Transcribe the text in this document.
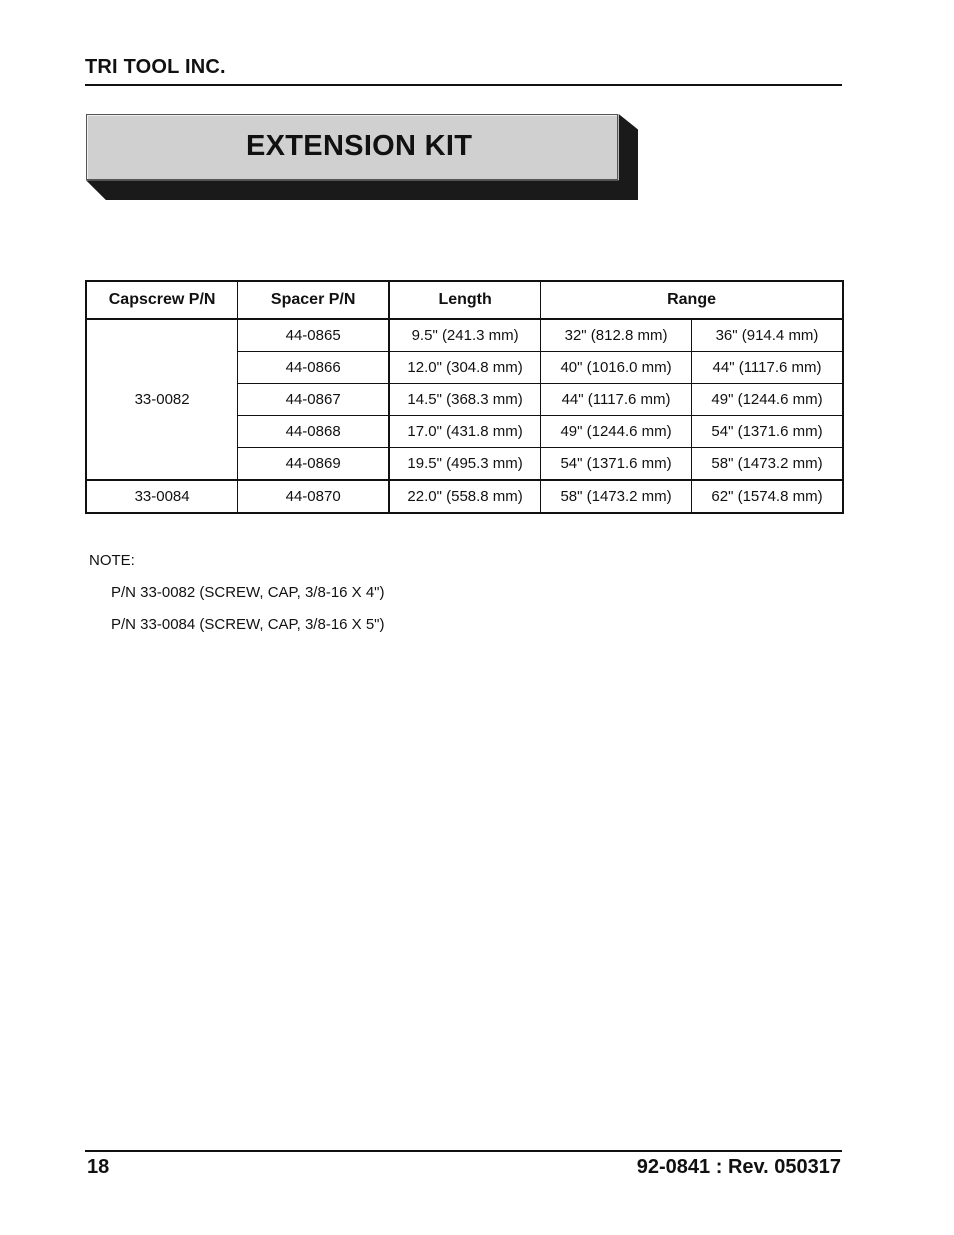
TRI TOOL INC.
EXTENSION KIT
Capscrew P/N	Spacer P/N	Length	Range	
33-0082	44-0865	9.5" (241.3 mm)	32" (812.8 mm)	36" (914.4 mm)
	44-0866	12.0" (304.8 mm)	40" (1016.0 mm)	44" (1117.6 mm)
	44-0867	14.5" (368.3 mm)	44" (1117.6 mm)	49" (1244.6 mm)
	44-0868	17.0" (431.8 mm)	49" (1244.6 mm)	54" (1371.6 mm)
	44-0869	19.5" (495.3 mm)	54" (1371.6 mm)	58" (1473.2 mm)
33-0084	44-0870	22.0" (558.8 mm)	58" (1473.2 mm)	62" (1574.8 mm)
NOTE:
P/N 33-0082 (SCREW, CAP, 3/8-16 X 4")
P/N 33-0084 (SCREW, CAP, 3/8-16 X 5")
18	92-0841 : Rev. 050317
